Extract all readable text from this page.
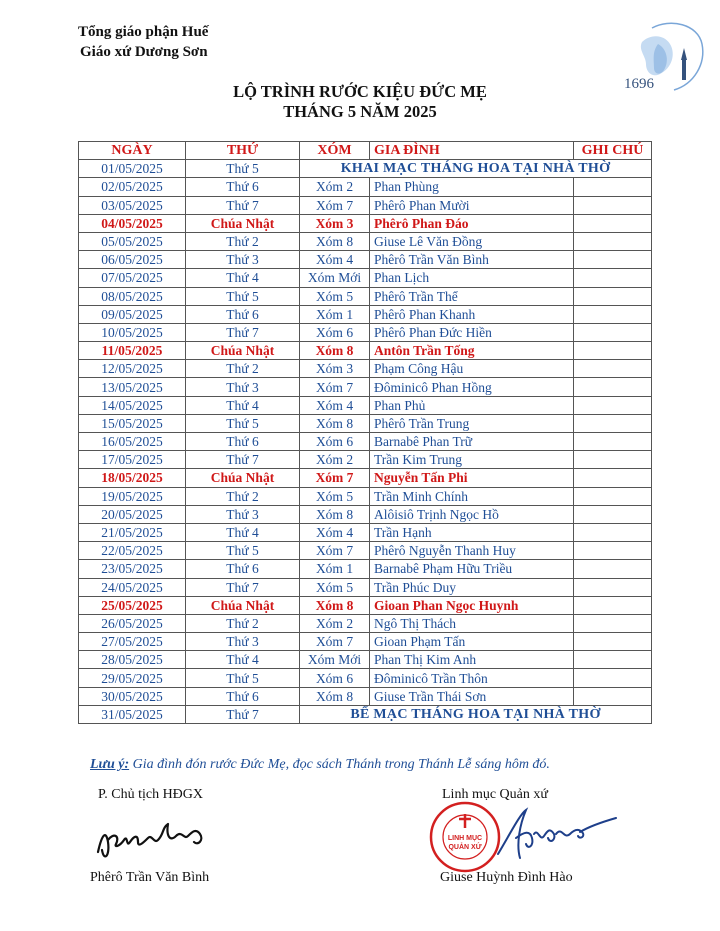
Tổng giáo phận Huế
Giáo xứ Dương Sơn
1696
LỘ TRÌNH RƯỚC KIỆU ĐỨC MẸ
THÁNG 5 NĂM 2025
NGÀY	THỨ	XÓM	GIA ĐÌNH	GHI CHÚ
01/05/2025	Thứ 5	KHAI MẠC THÁNG HOA TẠI NHÀ THỜ		
02/05/2025	Thứ 6	Xóm 2	Phan Phùng	
03/05/2025	Thứ 7	Xóm 7	Phêrô Phan Mười	
04/05/2025	Chúa Nhật	Xóm 3	Phêrô Phan Đáo	
05/05/2025	Thứ 2	Xóm 8	Giuse Lê Văn Đồng	
06/05/2025	Thứ 3	Xóm 4	Phêrô Trần Văn Bình	
07/05/2025	Thứ 4	Xóm Mới	Phan Lịch	
08/05/2025	Thứ 5	Xóm 5	Phêrô Trần Thể	
09/05/2025	Thứ 6	Xóm 1	Phêrô Phan Khanh	
10/05/2025	Thứ 7	Xóm 6	Phêrô Phan Đức Hiền	
11/05/2025	Chúa Nhật	Xóm 8	Antôn Trần Tống	
12/05/2025	Thứ 2	Xóm 3	Phạm Công Hậu	
13/05/2025	Thứ 3	Xóm 7	Đôminicô Phan Hồng	
14/05/2025	Thứ 4	Xóm 4	Phan Phủ	
15/05/2025	Thứ 5	Xóm 8	Phêrô Trần Trung	
16/05/2025	Thứ 6	Xóm 6	Barnabê Phan Trữ	
17/05/2025	Thứ 7	Xóm 2	Trần Kim Trung	
18/05/2025	Chúa Nhật	Xóm 7	Nguyễn Tấn Phi	
19/05/2025	Thứ 2	Xóm 5	Trần Minh Chính	
20/05/2025	Thứ 3	Xóm 8	Alôisiô Trịnh Ngọc Hồ	
21/05/2025	Thứ 4	Xóm 4	Trần Hạnh	
22/05/2025	Thứ 5	Xóm 7	Phêrô Nguyễn Thanh Huy	
23/05/2025	Thứ 6	Xóm 1	Barnabê Phạm Hữu Triều	
24/05/2025	Thứ 7	Xóm 5	Trần Phúc Duy	
25/05/2025	Chúa Nhật	Xóm 8	Gioan Phan Ngọc Huynh	
26/05/2025	Thứ 2	Xóm 2	Ngô Thị Thách	
27/05/2025	Thứ 3	Xóm 7	Gioan Phạm Tấn	
28/05/2025	Thứ 4	Xóm Mới	Phan Thị Kim Anh	
29/05/2025	Thứ 5	Xóm 6	Đôminicô Trần Thôn	
30/05/2025	Thứ 6	Xóm 8	Giuse Trần Thái Sơn	
31/05/2025	Thứ 7	BẾ MẠC THÁNG HOA TẠI NHÀ THỜ		
Lưu ý: Gia đình đón rước Đức Mẹ, đọc sách Thánh trong Thánh Lễ sáng hôm đó.
P. Chủ tịch HĐGX	Linh mục Quản xứ
LINH MỤC
QUẢN XỨ
Phêrô Trần Văn Bình	Giuse Huỳnh Đình Hào
